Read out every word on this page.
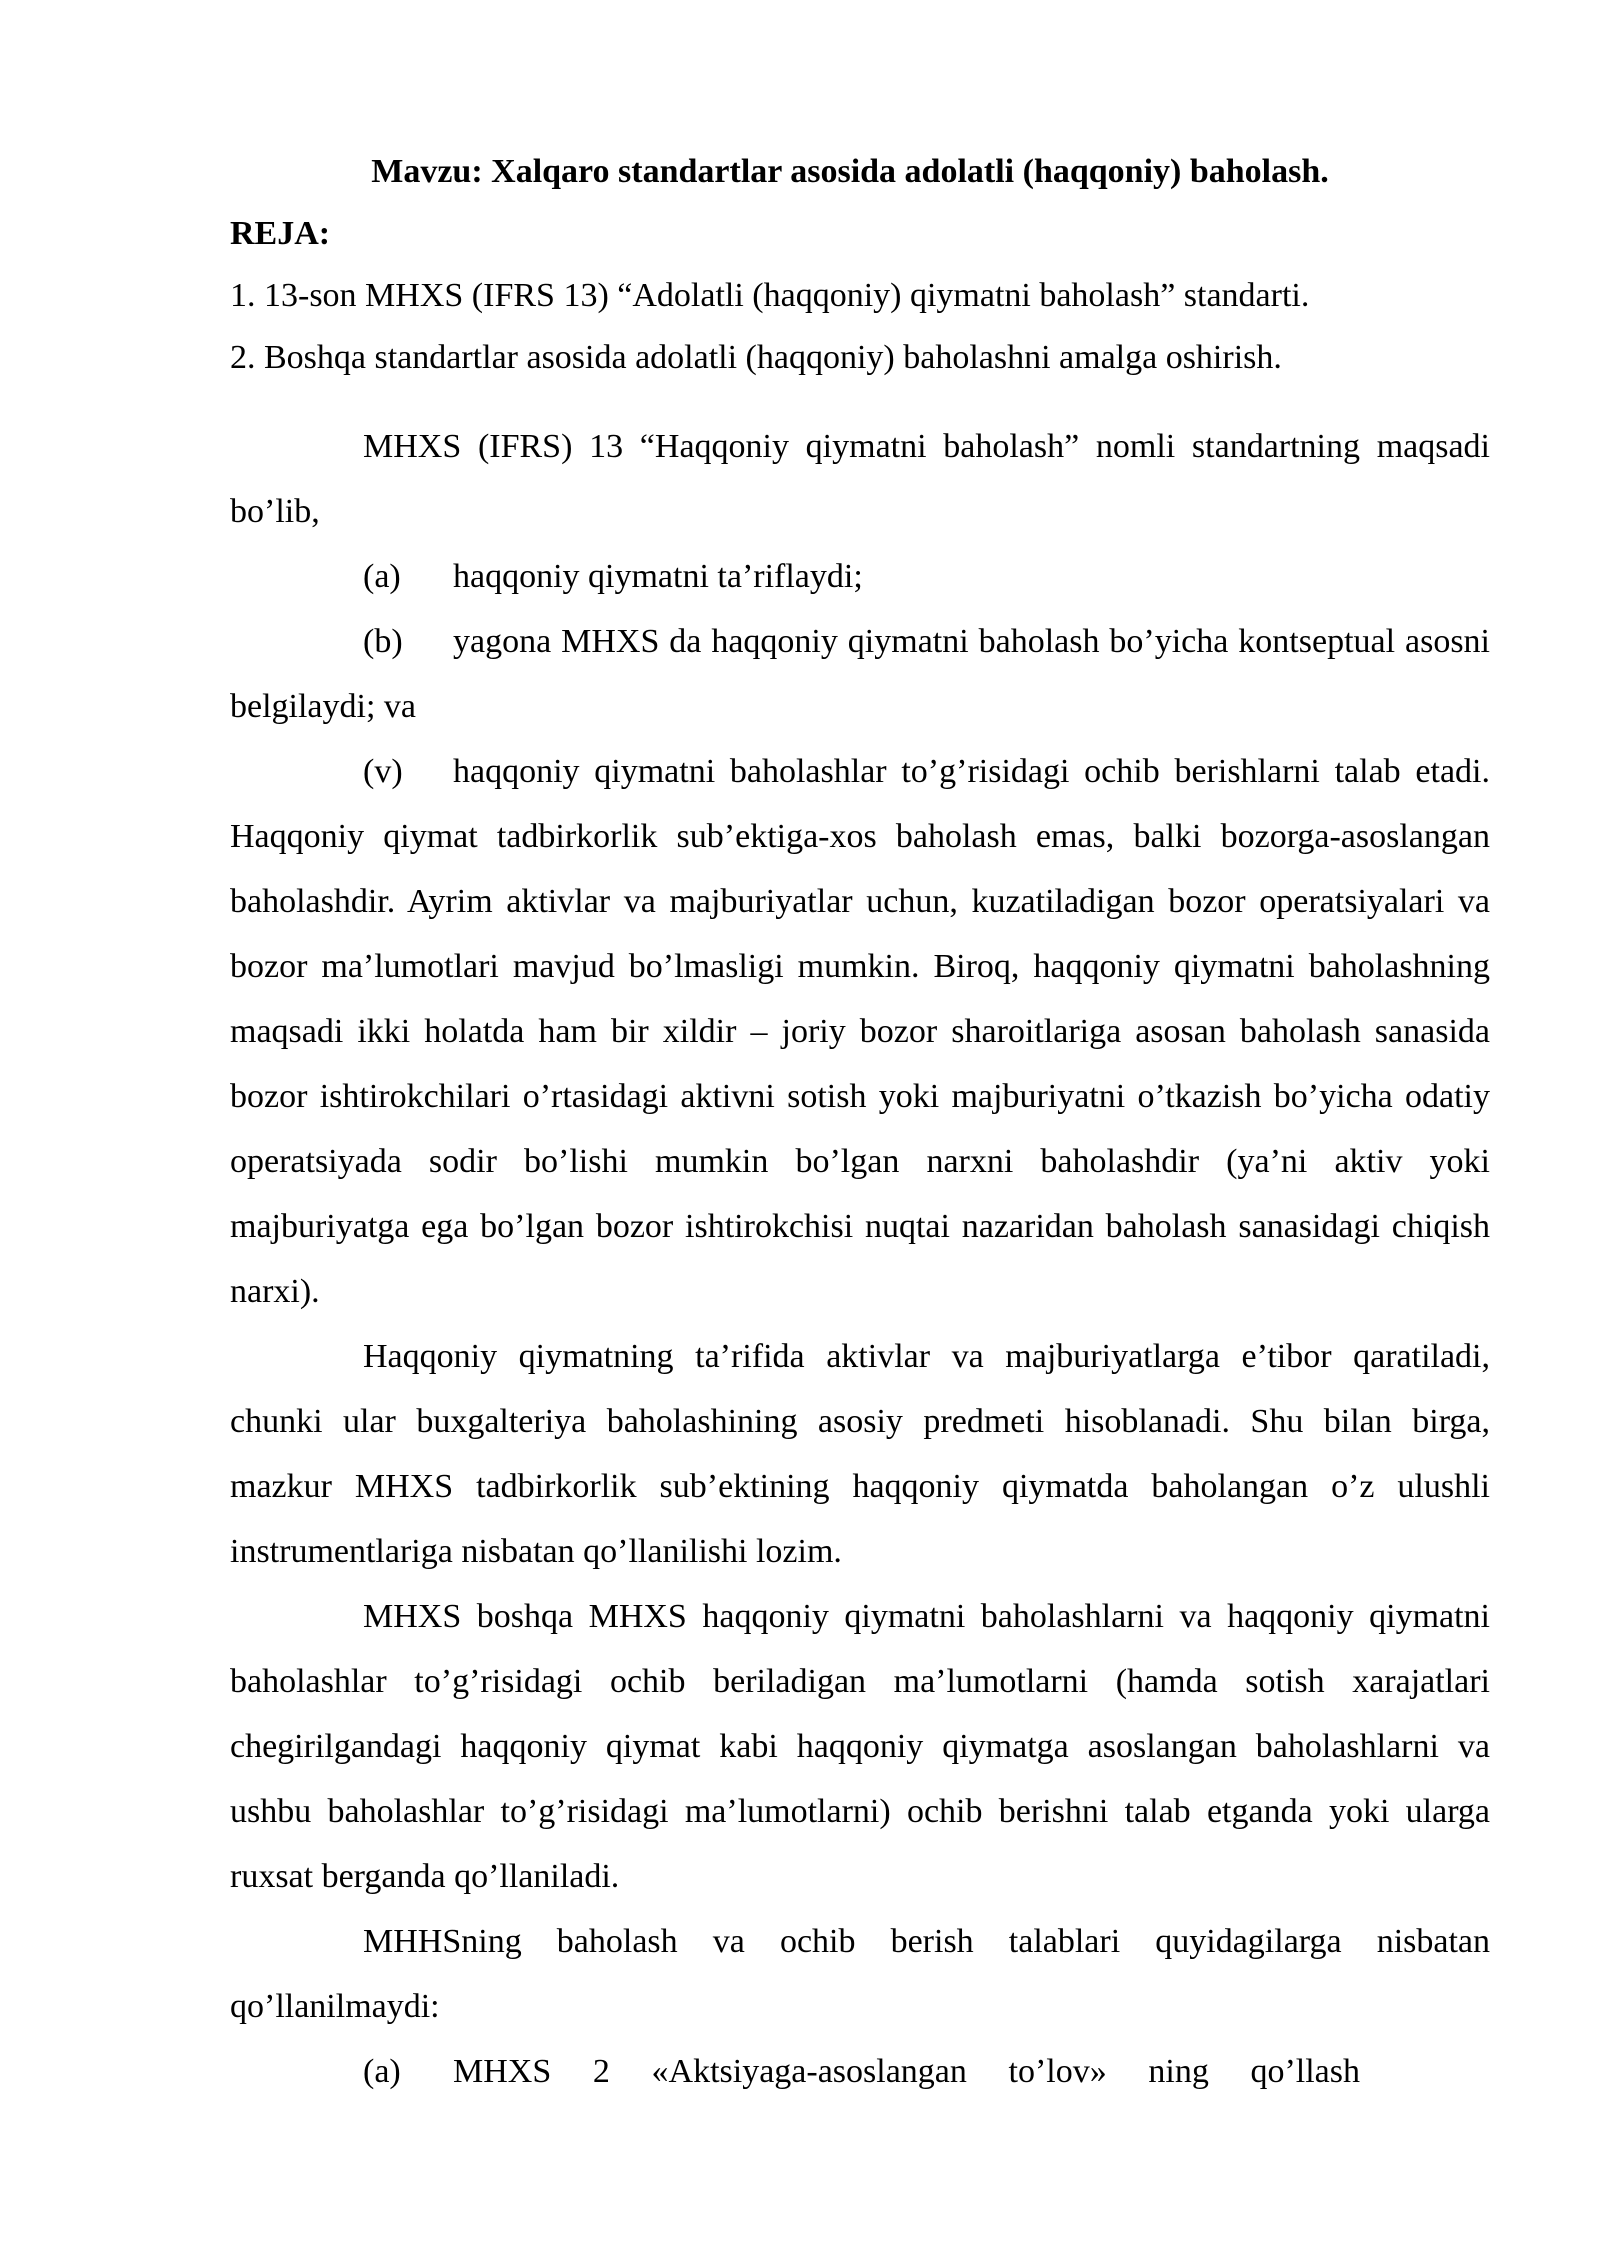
Mavzu: Xalqaro standartlar asosida adolatli (haqqoniy) baholash.

REJA:

1. 13-son MHXS (IFRS 13) “Adolatli (haqqoniy) qiymatni baholash” standarti.

2. Boshqa standartlar asosida adolatli (haqqoniy) baholashni amalga oshirish.

MHXS (IFRS) 13 “Haqqoniy qiymatni baholash” nomli standartning maqsadi bo’lib,

(a) haqqoniy qiymatni ta’riflaydi;

(b) yagona MHXS da haqqoniy qiymatni baholash bo’yicha kontseptual asosni belgilaydi; va

(v) haqqoniy qiymatni baholashlar to’g’risidagi ochib berishlarni talab etadi. Haqqoniy qiymat tadbirkorlik sub’ektiga-xos baholash emas, balki bozorga-asoslangan baholashdir. Ayrim aktivlar va majburiyatlar uchun, kuzatiladigan bozor operatsiyalari va bozor ma’lumotlari mavjud bo’lmasligi mumkin. Biroq, haqqoniy qiymatni baholashning maqsadi ikki holatda ham bir xildir – joriy bozor sharoitlariga asosan baholash sanasida bozor ishtirokchilari o’rtasidagi aktivni sotish yoki majburiyatni o’tkazish bo’yicha odatiy operatsiyada sodir bo’lishi mumkin bo’lgan narxni baholashdir (ya’ni aktiv yoki majburiyatga ega bo’lgan bozor ishtirokchisi nuqtai nazaridan baholash sanasidagi chiqish narxi).

Haqqoniy qiymatning ta’rifida aktivlar va majburiyatlarga e’tibor qaratiladi, chunki ular buxgalteriya baholashining asosiy predmeti hisoblanadi. Shu bilan birga, mazkur MHXS tadbirkorlik sub’ektining haqqoniy qiymatda baholangan o’z ulushli instrumentlariga nisbatan qo’llanilishi lozim.

MHXS boshqa MHXS haqqoniy qiymatni baholashlarni va haqqoniy qiymatni baholashlar to’g’risidagi ochib beriladigan ma’lumotlarni (hamda sotish xarajatlari chegirilgandagi haqqoniy qiymat kabi haqqoniy qiymatga asoslangan baholashlarni va ushbu baholashlar to’g’risidagi ma’lumotlarni) ochib berishni talab etganda yoki ularga ruxsat berganda qo’llaniladi.

MHHSning baholash va ochib berish talablari quyidagilarga nisbatan qo’llanilmaydi:

(a) MHXS 2 «Aktsiyaga-asoslangan to’lov» ning qo’llash
